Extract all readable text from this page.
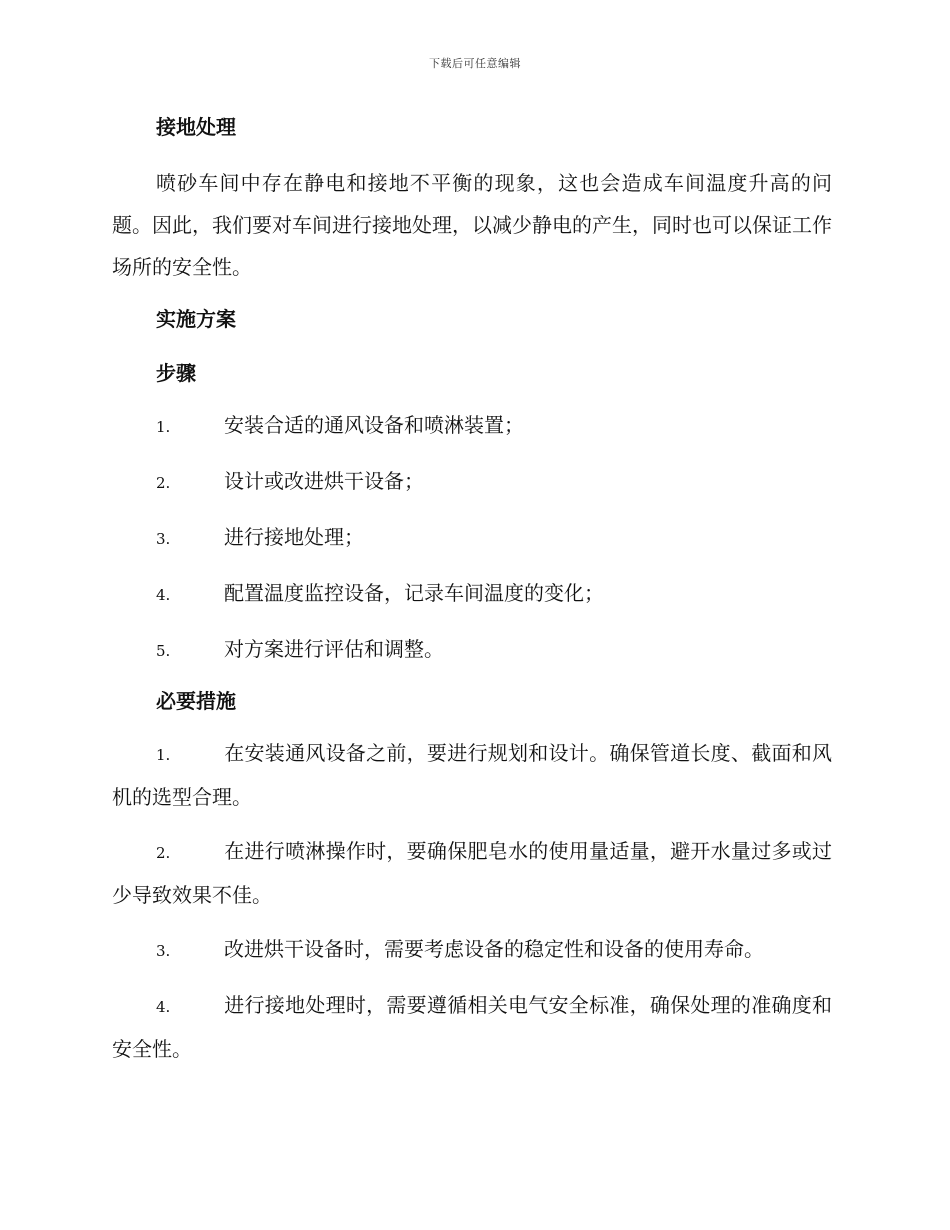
下载后可任意编辑
接地处理

喷砂车间中存在静电和接地不平衡的现象，这也会造成车间温度升高的问题。因此，我们要对车间进行接地处理，以减少静电的产生，同时也可以保证工作场所的安全性。

实施方案
步骤

1.	安装合适的通风设备和喷淋装置；

2.	设计或改进烘干设备；

3.	进行接地处理；

4.	配置温度监控设备，记录车间温度的变化；

5.	对方案进行评估和调整。

必要措施

1.	在安装通风设备之前，要进行规划和设计。确保管道长度、截面和风机的选型合理。

2.	在进行喷淋操作时，要确保肥皂水的使用量适量，避开水量过多或过少导致效果不佳。

3.	改进烘干设备时，需要考虑设备的稳定性和设备的使用寿命。

4.	进行接地处理时，需要遵循相关电气安全标准，确保处理的准确度和安全性。
